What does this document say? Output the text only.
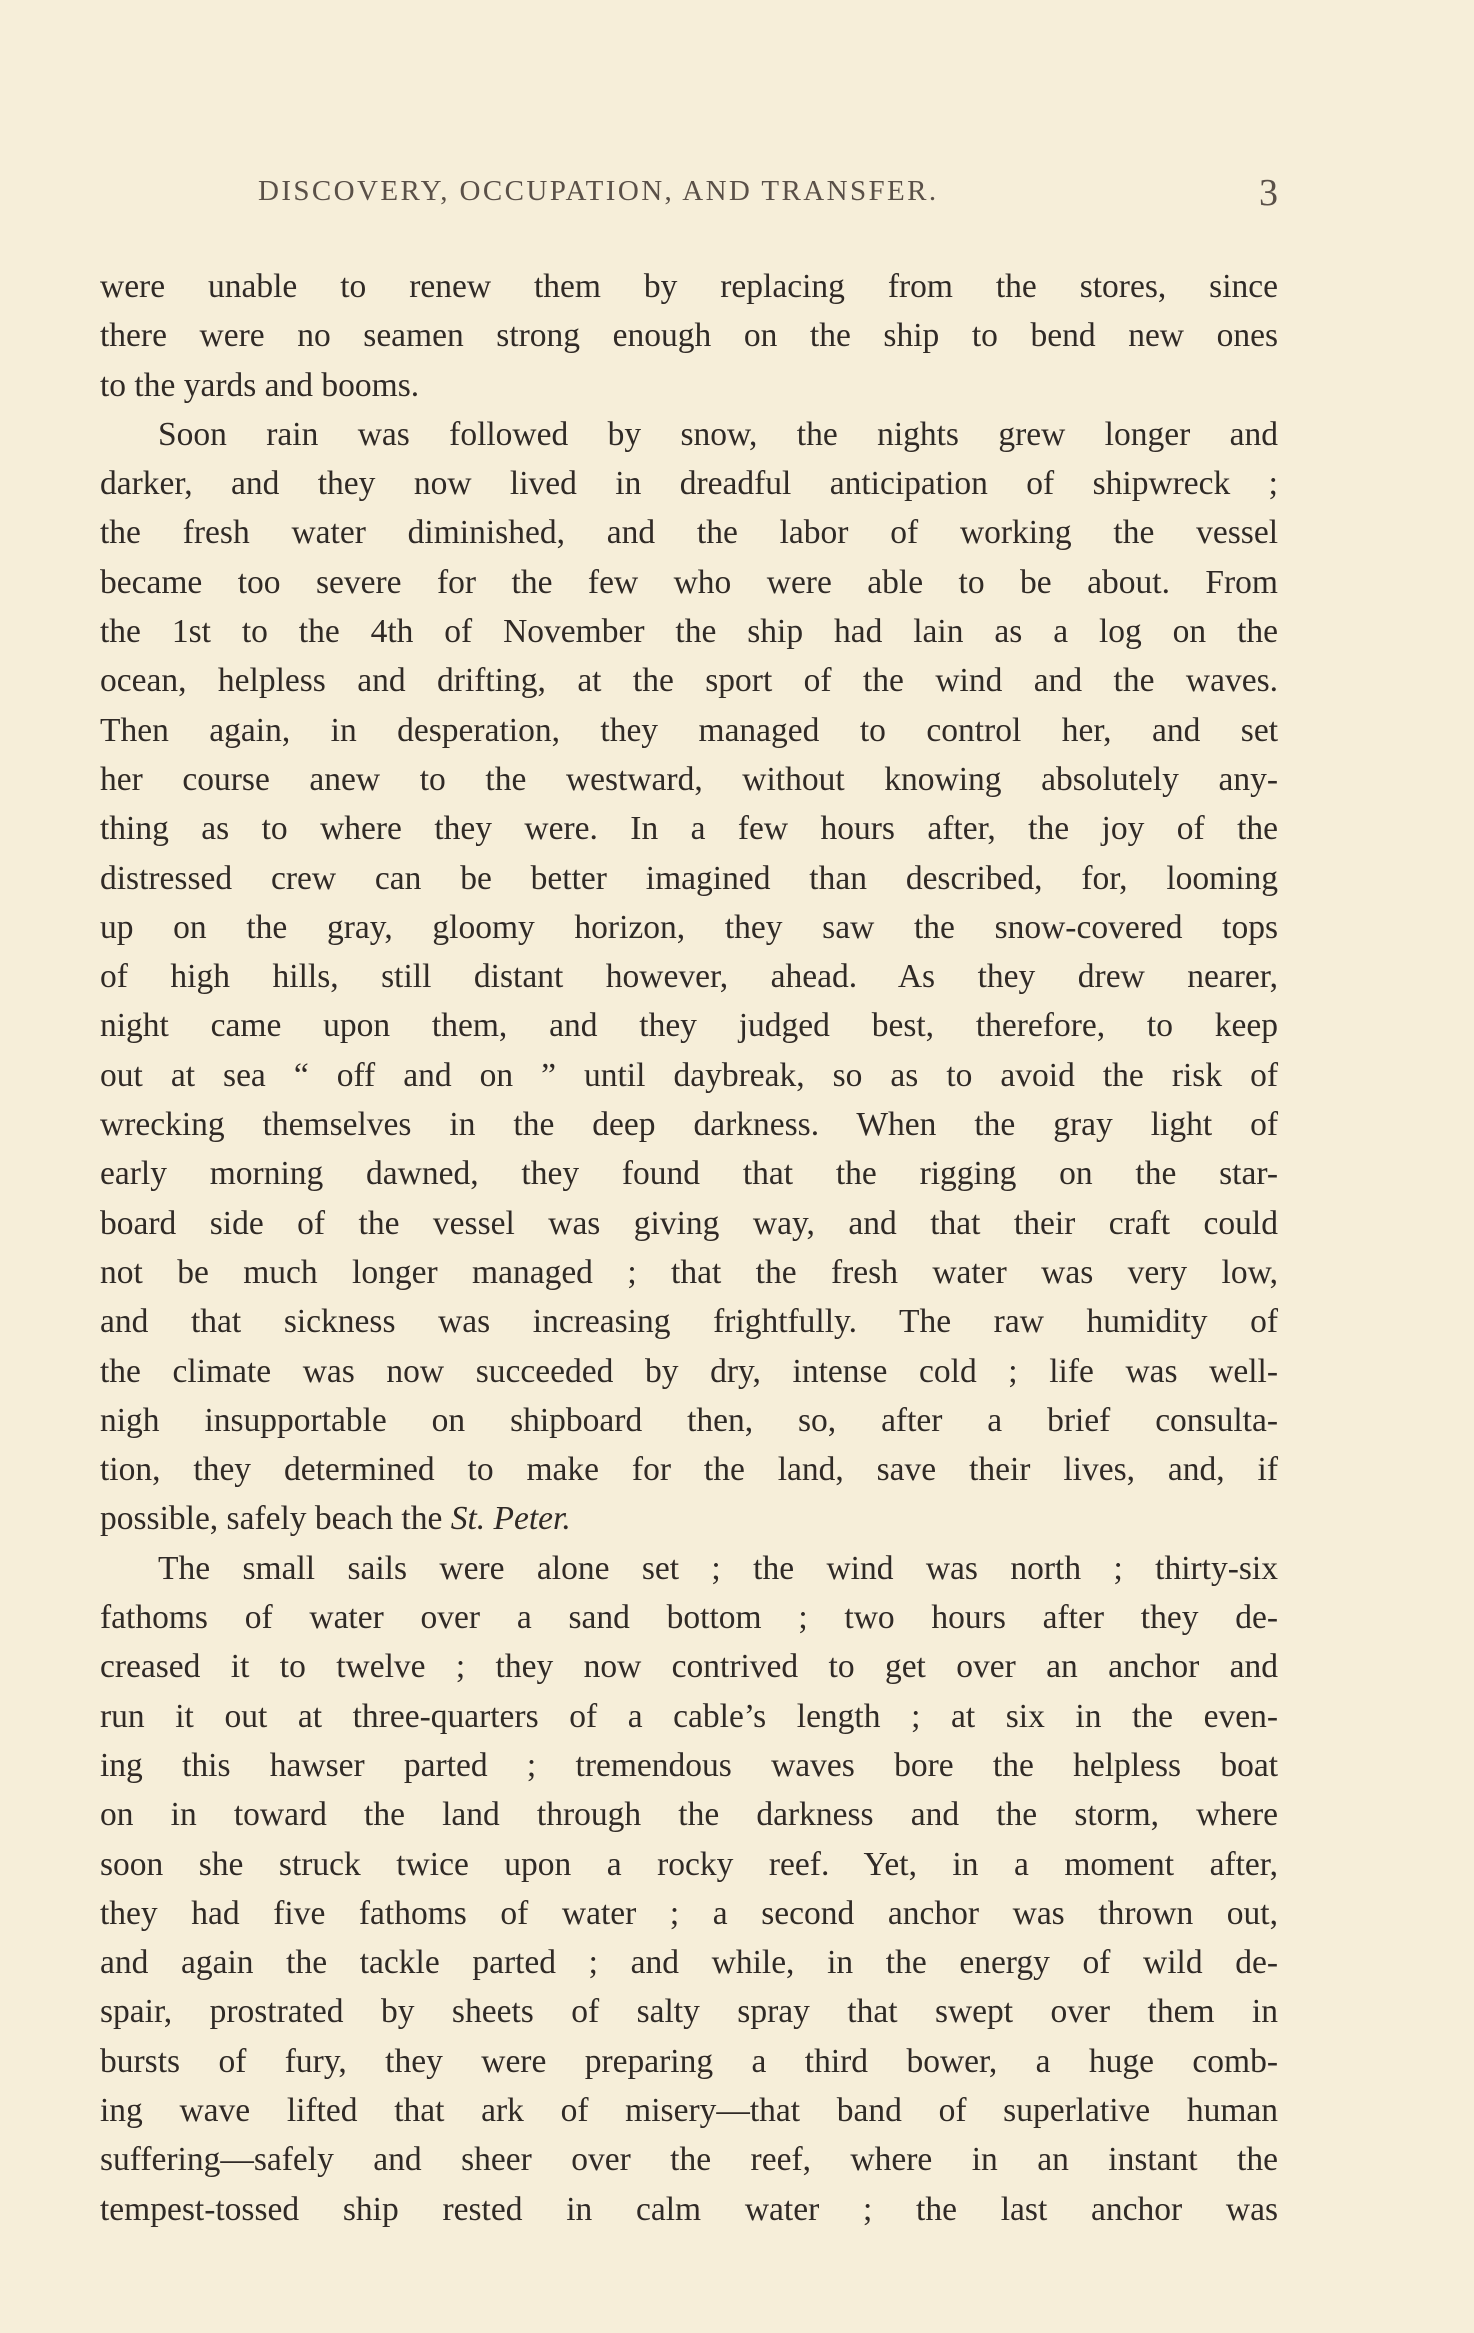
DISCOVERY, OCCUPATION, AND TRANSFER.	3
were unable to renew them by replacing from the stores, since
there were no seamen strong enough on the ship to bend new ones
to the yards and booms.
Soon rain was followed by snow, the nights grew longer and
darker, and they now lived in dreadful anticipation of shipwreck ;
the fresh water diminished, and the labor of working the vessel
became too severe for the few who were able to be about. From
the 1st to the 4th of November the ship had lain as a log on the
ocean, helpless and drifting, at the sport of the wind and the waves.
Then again, in desperation, they managed to control her, and set
her course anew to the westward, without knowing absolutely any-
thing as to where they were. In a few hours after, the joy of the
distressed crew can be better imagined than described, for, looming
up on the gray, gloomy horizon, they saw the snow-covered tops
of high hills, still distant however, ahead. As they drew nearer,
night came upon them, and they judged best, therefore, to keep
out at sea “ off and on ” until daybreak, so as to avoid the risk of
wrecking themselves in the deep darkness. When the gray light of
early morning dawned, they found that the rigging on the star-
board side of the vessel was giving way, and that their craft could
not be much longer managed ; that the fresh water was very low,
and that sickness was increasing frightfully. The raw humidity of
the climate was now succeeded by dry, intense cold ; life was well-
nigh insupportable on shipboard then, so, after a brief consulta-
tion, they determined to make for the land, save their lives, and, if
possible, safely beach the St. Peter.
The small sails were alone set ; the wind was north ; thirty-six
fathoms of water over a sand bottom ; two hours after they de-
creased it to twelve ; they now contrived to get over an anchor and
run it out at three-quarters of a cable’s length ; at six in the even-
ing this hawser parted ; tremendous waves bore the helpless boat
on in toward the land through the darkness and the storm, where
soon she struck twice upon a rocky reef. Yet, in a moment after,
they had five fathoms of water ; a second anchor was thrown out,
and again the tackle parted ; and while, in the energy of wild de-
spair, prostrated by sheets of salty spray that swept over them in
bursts of fury, they were preparing a third bower, a huge comb-
ing wave lifted that ark of misery—that band of superlative human
suffering—safely and sheer over the reef, where in an instant the
tempest-tossed ship rested in calm water ; the last anchor was
